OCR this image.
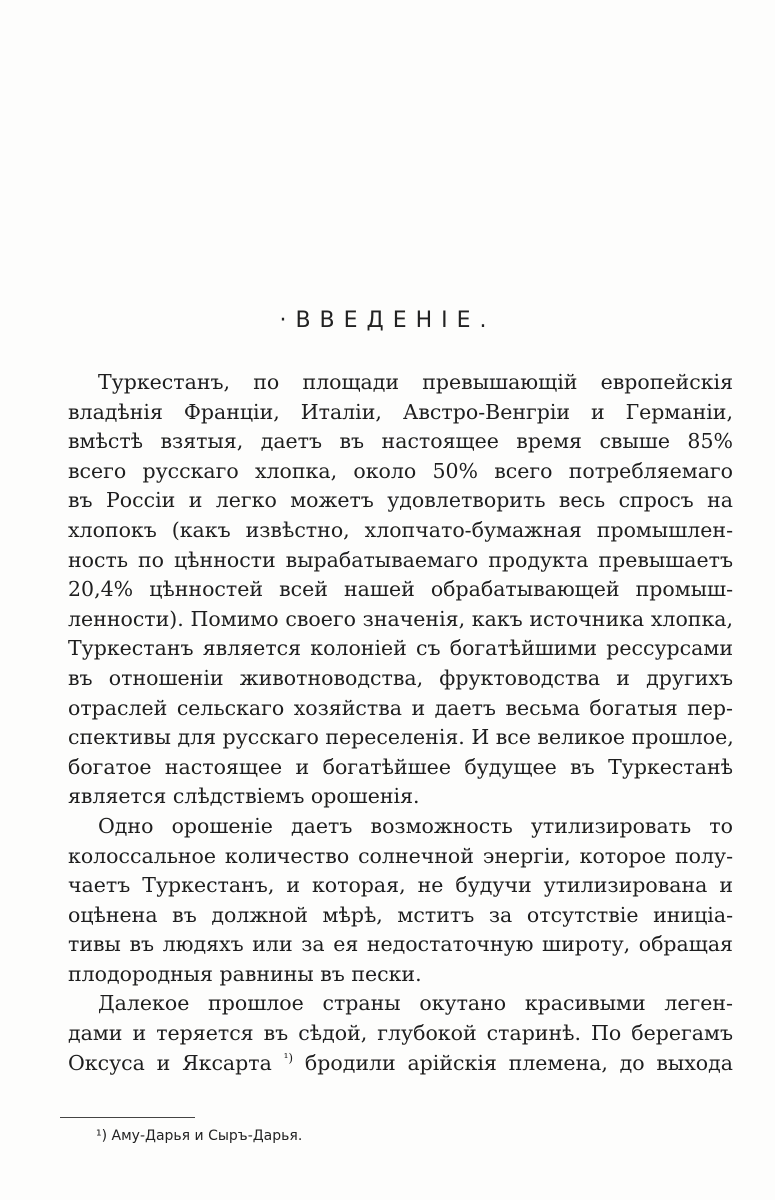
·ВВЕДЕНІЕ.
Туркестанъ, по площади превышающій европейскія
владѣнія Франціи, Италіи, Австро-Венгріи и Германіи,
вмѣстѣ взятыя, даетъ въ настоящее время свыше 85%
всего русскаго хлопка, около 50% всего потребляемаго
въ Россіи и легко можетъ удовлетворить весь спросъ на
хлопокъ (какъ извѣстно, хлопчато-бумажная промышлен-
ность по цѣнности вырабатываемаго продукта превышаетъ
20,4% цѣнностей всей нашей обрабатывающей промыш-
ленности). Помимо своего значенія, какъ источника хлопка,
Туркестанъ является колоніей съ богатѣйшими рессурсами
въ отношеніи животноводства, фруктоводства и другихъ
отраслей сельскаго хозяйства и даетъ весьма богатыя пер-
спективы для русскаго переселенія. И все великое прошлое,
богатое настоящее и богатѣйшее будущее въ Туркестанѣ
является слѣдствіемъ орошенія.
Одно орошеніе даетъ возможность утилизировать то
колоссальное количество солнечной энергіи, которое полу-
чаетъ Туркестанъ, и которая, не будучи утилизирована и
оцѣнена въ должной мѣрѣ, мститъ за отсутствіе иниціа-
тивы въ людяхъ или за ея недостаточную широту, обращая
плодородныя равнины въ пески.
Далекое прошлое страны окутано красивыми леген-
дами и теряется въ сѣдой, глубокой старинѣ. По берегамъ
Оксуса и Яксарта $^{^1)}$ бродили арійскія племена, до выхода
¹) Аму-Дарья и Сыръ-Дарья.
